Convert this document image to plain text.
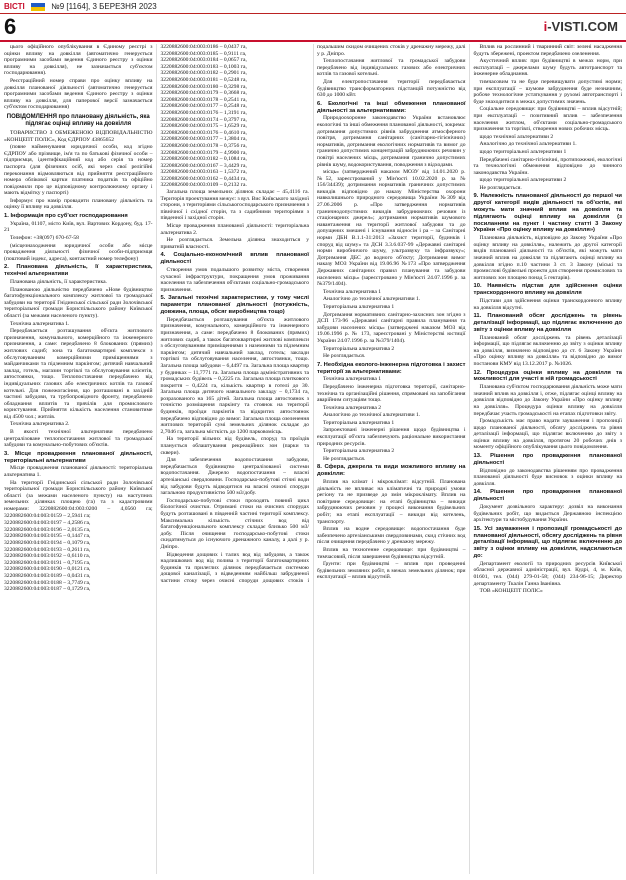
ВІСТІ	№9 [1164], 3 БЕРЕЗНЯ 2023
6	i-VISTI.COM

цього офіційного опублікування в Єдиному реєстрі з оцінки впливу на довкілля (автоматично генерується програмними засобами ведення Єдиного реєстру з оцінки впливу на довкілля), не зазначається суб'єктом господарювання).

Реєстраційний номер справи про оцінку впливу на довкілля планованої діяльності (автоматично генерується програмними засобами ведення Єдиного реєстру з оцінки впливу на довкілля, для паперової версії зазначається суб'єктом господарювання)

ПОВІДОМЛЕННЯ про плановану діяльність, яка підлягає оцінці впливу на довкілля

ТОВАРИСТВО З ОБМЕЖЕНОЮ ВІДПОВІДАЛЬНІСТЮ «КОНЦЕПТ ПОЛІС», Код ЄДРПОУ 43865652

(повне найменування юридичної особи, код згідно ЄДРПОУ або прізвище, ім'я та по батькові фізичної особи – підприємця, ідентифікаційний код або серія та номер паспорта (для фізичних осіб, які через свої релігійні переконання відмовляються від прийняття реєстраційного номера облікової картки платника податків та офіційно повідомили про це відповідному контролюючому органу і мають відмітку у паспорті)

Інформує про намір провадити плановану діяльність та оцінку її впливу на довкілля.

1. Інформація про суб'єкт господарювання

Україна, 01107, місто Київ, вул. Вартових Кордону, буд. 17-21

Телефон: +38(097) 670-67-58

(місцезнаходження юридичної особи або місце провадження діяльності фізичної особи-підприємця (поштовий індекс, адреса), контактний номер телефону)

2. Планована діяльність, її характеристика, технічні альтернативи

Планована діяльність, її характеристика.

Планованою діяльністю передбачено «Нове будівництво багатофункціонального комплексу житлової та громадської забудови на території Гнідинської сільської ради Золочівської територіальної громади Бориспільського району Київської області (за межами населеного пункту).

Технічна альтернатива 1.

Передбачається розташування об'єкта житлового призначення, комунального, комерційного та інженерного призначення, а саме: передбачено 8 блокованих (прямих) житлових садиб; зона та багатоквартирні комплекси з обслуговуванням комерційними приміщеннями з майданчиками та підземним паркінгом; дитячий навчальний заклад, готель, магазин торгівлі та обслуговування клієнтів, автостоянки, тощо. Теплопостачання передбачено від індивідуальних газових або електричних котлів та газової котельні. Для пожежогасіння, що розташовані в західній частині забудови, та трубопровідного фронту, передбачено обладнання вплитів та прячілів для промислового користування. Прийняття кількість населення становитиме від 4500 чол.; житлів.

Технічна альтернатива 2.

В якості технічної альтернативи передбачено централізоване теплопостачання житлової та громадської забудови та комунально-побутових об'єктів.

3. Місце провадження планованої діяльності, територіальні альтернативи

Місце провадження планованої діяльності: територіальна альтернатива 1.

На території Гнідинської сільської ради Золочівської територіальної громади Бориспільського району Київської області (за межами населеного пункту) на наступних земельних ділянках площею (га) та з кадастровими номерами: 3220882600:04:003:0200 – 4,0560 га; 3220882600:04:003:0159 – 2,5941 га;

3220882600:04:003:0197 – 4,2586 га,
3220882600:04:003:0196 – 2,0135 га,
3220882600:04:003:0195 – 0,1447 га,
3220882600:04:003:0194 – 0,1079 га,
3220882600:04:003:0193 – 0,2611 га,
3220882600:04:003:0192 – 0,6110 га,
3220882600:04:003:0191 – 0,7195 га,
3220882600:04:003:0190 – 0,0121 га,
3220882600:04:003:0189 – 0,0431 га,
3220882600:04:003:0188 – 3,7749 га,
3220882600:04:003:0187 – 0,1729 га,
3220882600:04:003:0186 – 0,0437 га,
3220882600:04:003:0185 – 0,9111 га,
3220882600:04:003:0184 – 0,0657 га,
3220882600:04:003:0183 – 0,1003 га,
3220882600:04:003:0182 – 0,2901 га,
3220882600:04:003:0181 – 0,5248 га,
3220882600:04:003:0180 – 0,3298 га,
3220882600:04:003:0179 – 0,3668 га,
3220882600:04:003:0178 – 0,2541 га,
3220882600:04:003:0177 – 0,2548 га,
3220882600:04:003:0176 – 1,3191 га,
3220882600:04:003:0174 – 0,3797 га,
3220882600:04:003:0175 – 1,6529 га,
3220882600:04:003:0176 – 0,4610 га,
3220882600:04:003:0177 – 1,3804 га,
3220882600:04:003:0178 – 0,3756 га,
3220882600:04:003:0179 – 4,9900 га,
3220882600:04:003:0182 – 0,1084 га,
3220882600:04:003:0167 – 3,4429 га,
3220882600:04:003:0163 – 1,5372 га,
3220882600:04:003:0162 – 0,4434 га,
3220882600:04:003:0109 – 0,2132 га.

Загальна площа земельних ділянок складає – 45,4116 га. Територія проектування межує: з вул. Вис Київського західної сторони, з територіями сільськогосподарського призначення з північної і східної сторін, та з садибними територіями з південної і західної сторін.

Місце провадження планованої діяльності: територіальна альтернатива 2.

Не розглядається. Земельна ділянка знаходиться у приватній власності.

4. Соціально-економічний вплив планованої діяльності

Створення умов подальшого розвитку міста, створення сучасної інфраструктури, покращення умов проживання населення та забезпечення об'єктами соціально-громадського призначення.

5. Загальні технічні характеристики, у тому числі параметри планованої діяльності (потужність, довжина, площа, обсяг виробництва тощо)

Передбачається розташування об'єкта житлового призначення, комунального, комерційного та інженерного призначення, а саме: передбачено 8 блокованих (прямих) житлових садиб, а також багатоквартирні житлові комплекси з обслуговуванням приміщеннями з наземними та підземним паркінгом; дитячий навчальний заклад, готель; заклади торгівлі та обслуговування населення, автостоянки, тощо. Загальна площа забудови – 6,4497 га. Загальна площа квартир у будинках – 11,7771 га. Загальна площа адміністративних та громадських будівель – 0,2225 га. Загальна площа плиткового покриття – 0,4224 га, кількість квартир в готелі до 30. Загальна площа дитячого навчального закладу – 0,1734 га, розрахованого на 165 дітей. Загальна площа автостоянок з точністю розміщення паркінгу та стоянок на території будинків, проїзди паркінгів та відкритих автостоянок передбачено відповідно до вимог. Загальна площа озеленення житлових територій сумі земельних ділянок складає до 2,7046 га, загальна місткість до 1200 парковомісць.

На території вільних від будівель, споруд та проїздів планується облаштування рекреаційних зон (парки та сквери).

Для забезпечення водопостачання забудови, передбачається будівництво централізованої системи водопостачання. Джерело водопостачання – власні артезіанські свердловини. Господарсько-побутові стічні води від забудови будуть відводитися на власні очисні споруди загальною продуктивністю 500 м3/добу.

Господарсько-побутові стоки проходять повний цикл біологічної очистки. Отримані стоки на очисних спорудах будуть розташовані в південній частині території комплексу. Максимальна кількість стічних вод від багатофункціонального комплексу складає близько 500 м3/добу. Після очищення господарсько-побутові стоки скидатимуться до існуючого дренажного каналу, а далі у р. Дніпро.

Відведення дощових і талих вод від забудови, а також надлишкових вод від полива з території багатоквартирних будинків та прилеглих ділянок передбачається системою дощової каналізації, з відведенням найбільш забрудненої частини стоку через очисні споруди дощових стоків і подальшим скидом очищених стоків у дренажну мережу, далі у р. Дніпро.

Теплопостачання житлової та громадської забудови передбачено від індивідуальних газових або електричних котлів та газової котельні.

Для електропостачання території передбачається будівництво трансформаторних підстанцій потужністю від 630 до 1000 кВт.

6. Екологічні та інші обмеження планованої діяльності за альтернативами:

Природоохоронне законодавство України встановлює екологічні та інші обмеження планованої діяльності, зокрема: дотримання допустимих рівнів забруднення атмосферного повітря, дотримання санітарних (санітарно-гігієнічних) нормативів, дотримання екологічних нормативів та вимог до гранично допустимих концентрацій забруднюючих речовин у повітрі населених місць, дотримання гранично допустимих рівнів шуму, водокористування, поводження з відходами.

місць» (затверджений наказом МОЗУ від 14.01.2020 р. №52, зареєстрований у Мін'юсті 10.02.2020 р. за № 156/34439); дотримання нормативів граничних допустимих викидів відповідно до наказу Міністерства охорони навколишнього природного середовища України №309 від 27.06.2006 р. «Про затвердження нормативів граничнодопустимих викидів забруднюючих речовин із стаціонарних джерел»; дотримання нормативів шумового навантаження на території житлової забудови та до допущених змешені і існування відносін і ра – за Санітарні норми ДБН В.1.1-31:2013 «Захист території, будинків і споруд від шуму» та ДСН 3.3.6.037-99 «Державні санітарні норми виробничого шуму, ультразвуку та інфразвуку»; Дотримання ДБС до водного об'єкту; Дотримання вимог наказу МОЗ України від 19.06.96 №173 «Про затвердження Державних санітарних правил планування та забудови населених місць» (зареєстровано у Мін'юсті 24.07.1996 р. за №379/1404).

Технічна альтернатива 1

Аналогічно до технічної альтернативи 1.

Територіальна альтернатива 1

Дотримання нормативних санітарно-захисних зон згідно з ДСП 173-96 «Державні санітарні правила планування та забудови населених місць» (затверджені наказом МОЗ від 19.06.1996 р. № 173, зареєстровані у Міністерстві юстиції України 24.07.1996 р. за №379/1404).

Територіальна альтернатива 2

Не розглядається.

7. Необхідна еколого-інженерна підготовка і захист території за альтернативами:

Технічна альтернатива 1

Передбачено інженерна підготовка території, санітарно-технічна та організаційні рішення, спрямовані на запобігання аварійним ситуаціям тощо.

Технічна альтернатива 2

Аналогічно до технічної альтернативи 1.

Територіальна альтернатива 1

Запроектовані інженерні рішення щодо будівництва і експлуатації об'єкта забезпечують раціональне використання природних ресурсів.

Територіальна альтернатива 2

Не розглядається.

8. Сфера, джерела та види можливого впливу на довкілля:

Вплив на клімат і мікроклімат: відсутній. Планована діяльність не впливає на кліматичні та природні умови регіону та не призведе до змін мікроклімату. Вплив на повітряне середовище: на етапі будівництва – викиди забруднюючих речовин у процесі виконання будівельних робіт; на етапі експлуатації – викиди від котелень, транспорту.

Вплив на водне середовище: водопостачання буде забезпечено артезіанськими свердловинами, скид стічних вод після очищення передбачено у дренажну мережу.

Вплив на техногенне середовище: при будівництві – тимчасовий, після завершення будівництва відсутній.

Ґрунти: при будівництві – вплив при проведенні будівельних земляних робіт, в межах земельних ділянок; при експлуатації – вплив відсутній.

Вплив на рослинний і тваринний світ: зелені насадження будуть збережені, проектом передбачено озеленення.

Акустичний вплив: при будівництві в межах норм, при експлуатації – джерелами шуму будуть автотранспорт та інженерне обладнання.

тимчасовим та не буде перевищувати допустимі норми; при експлуатації – шумове забруднення буде незначним, робоче технологічне устаткування у рухомі автотранспорті і буде знаходитися в межах допустимих значень.

Соціальне середовище: при будівництві – вплив відсутній; при експлуатації – позитивний вплив – забезпечення населення житлом, об'єктами соціально-громадського призначення та торгівлі, створення нових робочих місць.

щодо технічної альтернативи 2

Аналогічно до технічної альтернативи 1.

щодо територіальної альтернативи 1

Передбачені санітарно-гігієнічні, протипожежні, екологічні та технологічні обмеження відповідно до чинного законодавства України.

щодо територіальної альтернативи 2

Не розглядається.

9. Належність планованої діяльності до першої чи другої категорії видів діяльності та об'єктів, які можуть мати значний вплив на довкілля та підлягають оцінці впливу на довкілля (з посиланням на пункт і частину статті 3 Закону України «Про оцінку впливу на довкілля»)

Планована діяльність, відповідно до Закону України «Про оцінку впливу на довкілля», належить до другої категорії видів планованої діяльності та об'єктів, які можуть мати значний вплив на довкілля та підлягають оцінці впливу на довкілля згідно п.10 частини 3 ст. 3 Закону (міські та промислові будівельні проекти для створення промислових та житлових зон площею понад 5 гектарів).

10. Наявність підстав для здійснення оцінки транскордонного впливу на довкілля

Підстави для здійснення оцінки транскордонного впливу на довкілля відсутні.

11. Планований обсяг досліджень та рівень деталізації інформації, що підлягає включенню до звіту з оцінки впливу на довкілля

Планований обсяг досліджень та рівень деталізації інформації, що підлягає включенню до звіту з оцінки впливу на довкілля, визначено відповідно до ст. 6 Закону України «Про оцінку впливу на довкілля» та відповідно до вимог постанови КМУ від 13.12.2017 р. №1026.

12. Процедура оцінки впливу на довкілля та можливості для участі в ній громадськості

Планована суб'єктом господарювання діяльність може мати значний вплив на довкілля і, отже, підлягає оцінці впливу на довкілля відповідно до Закону України «Про оцінку впливу на довкілля». Процедура оцінки впливу на довкілля передбачає участь громадськості на етапах підготовки звіту.

Громадськість має право надати зауваження і пропозиції щодо планованої діяльності, обсягу досліджень та рівня деталізації інформації, що підлягає включенню до звіту з оцінки впливу на довкілля, протягом 20 робочих днів з моменту офіційного опублікування цього повідомлення.

13. Рішення про провадження планованої діяльності

Відповідно до законодавства рішенням про провадження планованої діяльності буде висновок з оцінки впливу на довкілля.

14. Рішення про провадження планованої діяльності

Документ дозвільного характеру: дозвіл на виконання будівельних робіт, що видається Державною інспекцією архітектури та містобудування України.

15. Усі зауваження і пропозиції громадськості до планованої діяльності, обсягу досліджень та рівня деталізації інформації, що підлягає включенню до звіту з оцінки впливу на довкілля, надсилаються до:

Департамент екології та природних ресурсів Київської обласної державної адміністрації, вул. Кудрі, 4, м. Київ, 01601, тел. (044) 279-01-58; (044) 234-96-15; Директор департаменту Ткалін Ганна Іванівна.

ТОВ «КОНЦЕПТ ПОЛІС»
